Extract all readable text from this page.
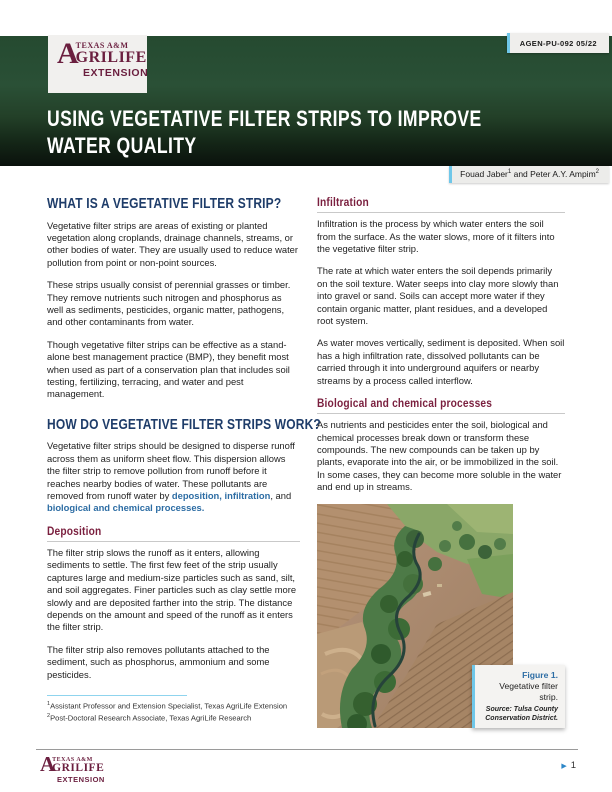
A
TEXAS A&M
GRILIFE
EXTENSION
AGEN-PU-092 05/22
USING VEGETATIVE FILTER STRIPS TO IMPROVE
WATER QUALITY
Fouad Jaber$^1$ and Peter A.Y. Ampim$^2$
WHAT IS A VEGETATIVE FILTER STRIP?

Vegetative filter strips are areas of existing or planted vegetation along croplands, drainage channels, streams, or other bodies of water. They are usually used to reduce water pollution from point or non-point sources.

These strips usually consist of perennial grasses or timber. They remove nutrients such nitrogen and phosphorus as well as sediments, pesticides, organic matter, pathogens, and other contaminants from water.

Though vegetative filter strips can be effective as a stand-alone best management practice (BMP), they benefit most when used as part of a conservation plan that includes soil testing, fertilizing, terracing, and water and pest management.

HOW DO VEGETATIVE FILTER STRIPS WORK?

Vegetative filter strips should be designed to disperse runoff across them as uniform sheet flow. This dispersion allows the filter strip to remove pollution from runoff before it reaches nearby bodies of water. These pollutants are removed from runoff water by deposition, infiltration, and biological and chemical processes.

Deposition

The filter strip slows the runoff as it enters, allowing sediments to settle. The first few feet of the strip usually captures large and medium-size particles such as sand, silt, and soil aggregates. Finer particles such as clay settle more slowly and are deposited farther into the strip. The distance depends on the amount and speed of the runoff as it enters the filter strip.

The filter strip also removes pollutants attached to the sediment, such as phosphorus, ammonium and some pesticides.

Infiltration

Infiltration is the process by which water enters the soil from the surface. As the water slows, more of it filters into the vegetative filter strip.

The rate at which water enters the soil depends primarily on the soil texture. Water seeps into clay more slowly than into gravel or sand. Soils can accept more water if they contain organic matter, plant residues, and a developed root system.

As water moves vertically, sediment is deposited. When soil has a high infiltration rate, dissolved pollutants can be carried through it into underground aquifers or nearby streams by a process called interflow.

Biological and chemical processes

As nutrients and pesticides enter the soil, biological and chemical processes break down or transform these compounds. The new compounds can be taken up by plants, evaporate into the air, or be immobilized in the soil. In some cases, they can become more soluble in the water and end up in streams.

Figure 1. Vegetative filter strip.
Source: Tulsa County Conservation District.
$^1$Assistant Professor and Extension Specialist, Texas AgriLife Extension
$^2$Post-Doctoral Research Associate, Texas AgriLife Research
A
TEXAS A&M
GRILIFE
EXTENSION
▶ 1
